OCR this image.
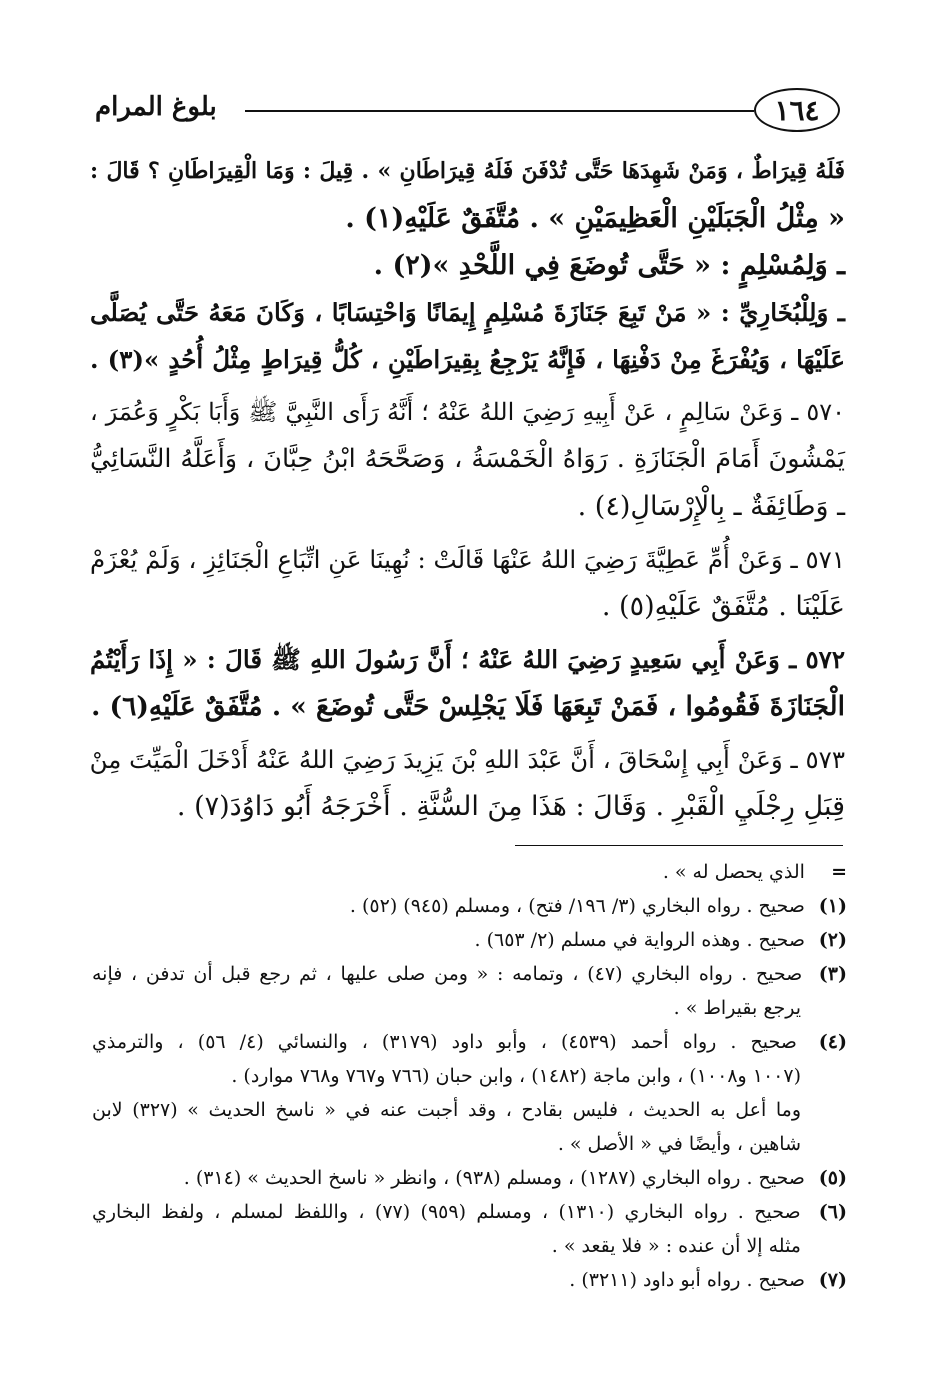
١٦٤
بلوغ المرام
فَلَهُ قِيرَاطٌ ، وَمَنْ شَهِدَهَا حَتَّى تُدْفَنَ فَلَهُ قِيرَاطَانِ » . قِيلَ : وَمَا الْقِيرَاطَانِ ؟ قَالَ :
« مِثْلُ الْجَبَلَيْنِ الْعَظِيمَيْنِ » . مُتَّفَقٌ عَلَيْهِ(١) .
ـ وَلِمُسْلِمٍ : « حَتَّى تُوضَعَ فِي اللَّحْدِ »(٢) .
ـ وَلِلْبُخَارِيِّ : « مَنْ تَبِعَ جَنَازَةَ مُسْلِمٍ إِيمَانًا وَاحْتِسَابًا ، وَكَانَ مَعَهُ حَتَّى يُصَلَّى
عَلَيْهَا ، وَيُفْرَغَ مِنْ دَفْنِهَا ، فَإِنَّهُ يَرْجِعُ بِقِيرَاطَيْنِ ، كُلُّ قِيرَاطٍ مِثْلُ أُحُدٍ »(٣) .
٥٧٠ ـ وَعَنْ سَالِمٍ ، عَنْ أَبِيهِ رَضِيَ اللهُ عَنْهُ ؛ أَنَّهُ رَأَى النَّبِيَّ ﷺ وَأَبَا بَكْرٍ وَعُمَرَ ،
يَمْشُونَ أَمَامَ الْجَنَازَةِ . رَوَاهُ الْخَمْسَةُ ، وَصَحَّحَهُ ابْنُ حِبَّانَ ، وَأَعَلَّهُ النَّسَائِيُّ
ـ وَطَائِفَةٌ ـ بِالْإِرْسَالِ(٤) .
٥٧١ ـ وَعَنْ أُمِّ عَطِيَّةَ رَضِيَ اللهُ عَنْهَا قَالَتْ : نُهِينَا عَنِ اتِّبَاعِ الْجَنَائِزِ ، وَلَمْ يُعْزَمْ
عَلَيْنَا . مُتَّفَقٌ عَلَيْهِ(٥) .
٥٧٢ ـ وَعَنْ أَبِي سَعِيدٍ رَضِيَ اللهُ عَنْهُ ؛ أَنَّ رَسُولَ اللهِ ﷺ قَالَ : « إِذَا رَأَيْتُمُ
الْجَنَازَةَ فَقُومُوا ، فَمَنْ تَبِعَهَا فَلَا يَجْلِسْ حَتَّى تُوضَعَ » . مُتَّفَقٌ عَلَيْهِ(٦) .
٥٧٣ ـ وَعَنْ أَبِي إِسْحَاقَ ، أَنَّ عَبْدَ اللهِ بْنَ يَزِيدَ رَضِيَ اللهُ عَنْهُ أَدْخَلَ الْمَيِّتَ مِنْ
قِبَلِ رِجْلَيِ الْقَبْرِ . وَقَالَ : هَذَا مِنَ السُّنَّةِ . أَخْرَجَهُ أَبُو دَاوُدَ(٧) .
= الذي يحصل له » .
(١) صحيح . رواه البخاري (٣/ ١٩٦/ فتح) ، ومسلم (٩٤٥) (٥٢) .
(٢) صحيح . وهذه الرواية في مسلم (٢/ ٦٥٣) .
(٣) صحيح . رواه البخاري (٤٧) ، وتمامه : « ومن صلى عليها ، ثم رجع قبل أن تدفن ، فإنه
يرجع بقيراط » .
(٤) صحيح . رواه أحمد (٤٥٣٩) ، وأبو داود (٣١٧٩) ، والنسائي (٤/ ٥٦) ، والترمذي
(١٠٠٧ و١٠٠٨) ، وابن ماجة (١٤٨٢) ، وابن حبان (٧٦٦ و٧٦٧ و٧٦٨ موارد) .
وما أعل به الحديث ، فليس بقادح ، وقد أجبت عنه في « ناسخ الحديث » (٣٢٧) لابن
شاهين ، وأيضًا في « الأصل » .
(٥) صحيح . رواه البخاري (١٢٨٧) ، ومسلم (٩٣٨) ، وانظر « ناسخ الحديث » (٣١٤) .
(٦) صحيح . رواه البخاري (١٣١٠) ، ومسلم (٩٥٩) (٧٧) ، واللفظ لمسلم ، ولفظ البخاري
مثله إلا أن عنده : « فلا يقعد » .
(٧) صحيح . رواه أبو داود (٣٢١١) .
